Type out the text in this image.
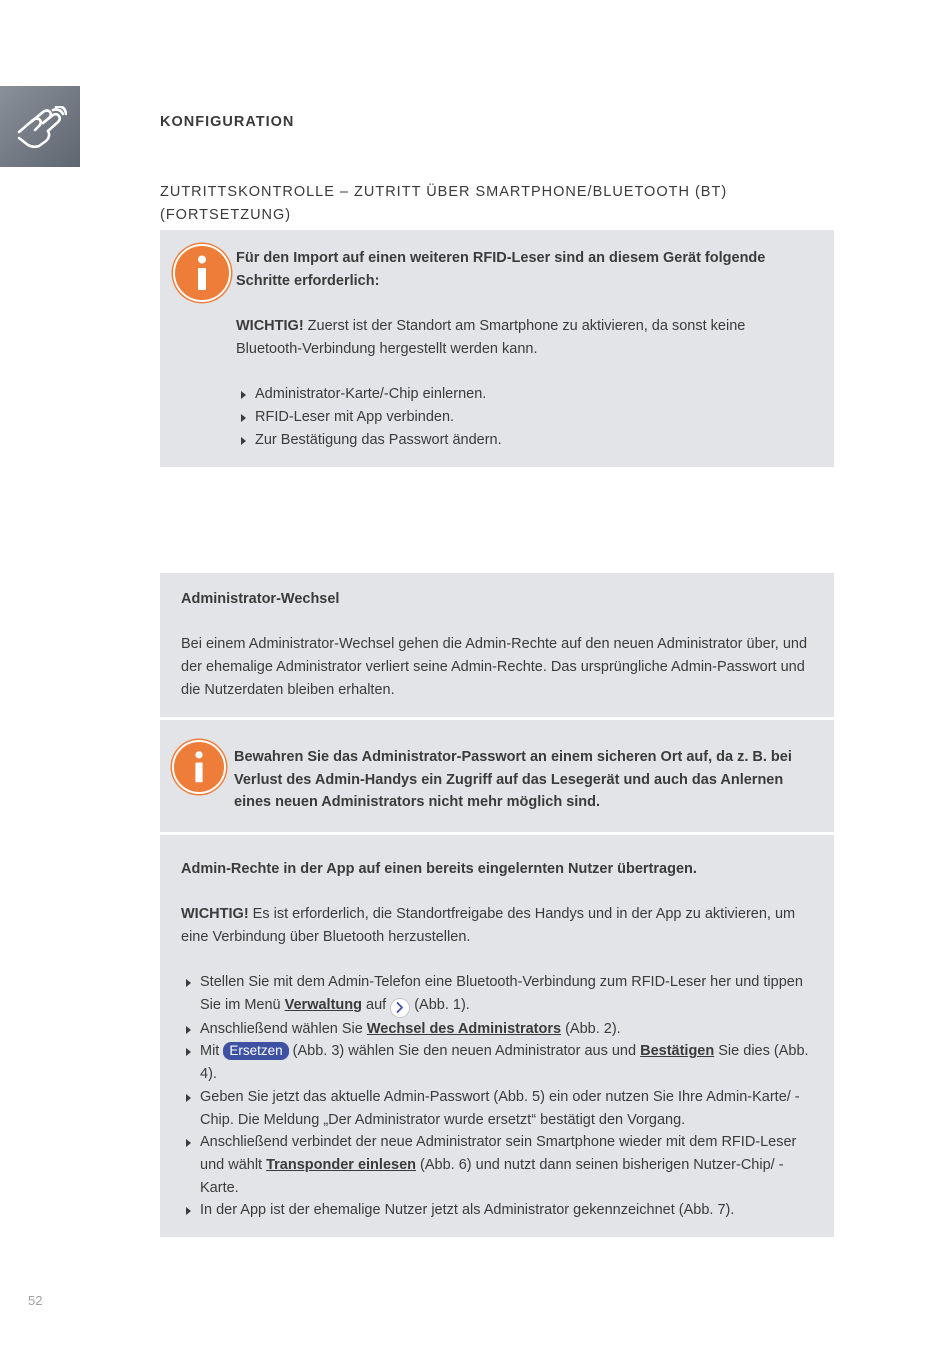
KONFIGURATION
ZUTRITTSKONTROLLE – ZUTRITT ÜBER SMARTPHONE/BLUETOOTH (BT)
(FORTSETZUNG)

Für den Import auf einen weiteren RFID-Leser sind an diesem Gerät folgende Schritte erforderlich:

WICHTIG! Zuerst ist der Standort am Smartphone zu aktivieren, da sonst keine Bluetooth-Verbindung hergestellt werden kann.

Administrator-Karte/-Chip einlernen.
RFID-Leser mit App verbinden.
Zur Bestätigung das Passwort ändern.

Administrator-Wechsel

Bei einem Administrator-Wechsel gehen die Admin-Rechte auf den neuen Administrator über, und der ehemalige Administrator verliert seine Admin-Rechte. Das ursprüngliche Admin-Passwort und die Nutzerdaten bleiben erhalten.

Bewahren Sie das Administrator-Passwort an einem sicheren Ort auf, da z. B. bei Verlust des Admin-Handys ein Zugriff auf das Lesegerät und auch das Anlernen eines neuen Administrators nicht mehr möglich sind.

Admin-Rechte in der App auf einen bereits eingelernten Nutzer übertragen.

WICHTIG! Es ist erforderlich, die Standortfreigabe des Handys und in der App zu aktivieren, um eine Verbindung über Bluetooth herzustellen.

Stellen Sie mit dem Admin-Telefon eine Bluetooth-Verbindung zum RFID-Leser her und tippen Sie im Menü Verwaltung auf
(Abb. 1).
Anschließend wählen Sie Wechsel des Administrators (Abb. 2).
Mit Ersetzen (Abb. 3) wählen Sie den neuen Administrator aus und Bestätigen Sie dies (Abb. 4).
Geben Sie jetzt das aktuelle Admin-Passwort (Abb. 5) ein oder nutzen Sie Ihre Admin-Karte/ -Chip. Die Meldung „Der Administrator wurde ersetzt“ bestätigt den Vorgang.
Anschließend verbindet der neue Administrator sein Smartphone wieder mit dem RFID-Leser und wählt Transponder einlesen (Abb. 6) und nutzt dann seinen bisherigen Nutzer-Chip/ -Karte.
In der App ist der ehemalige Nutzer jetzt als Administrator gekennzeichnet (Abb. 7).
52
